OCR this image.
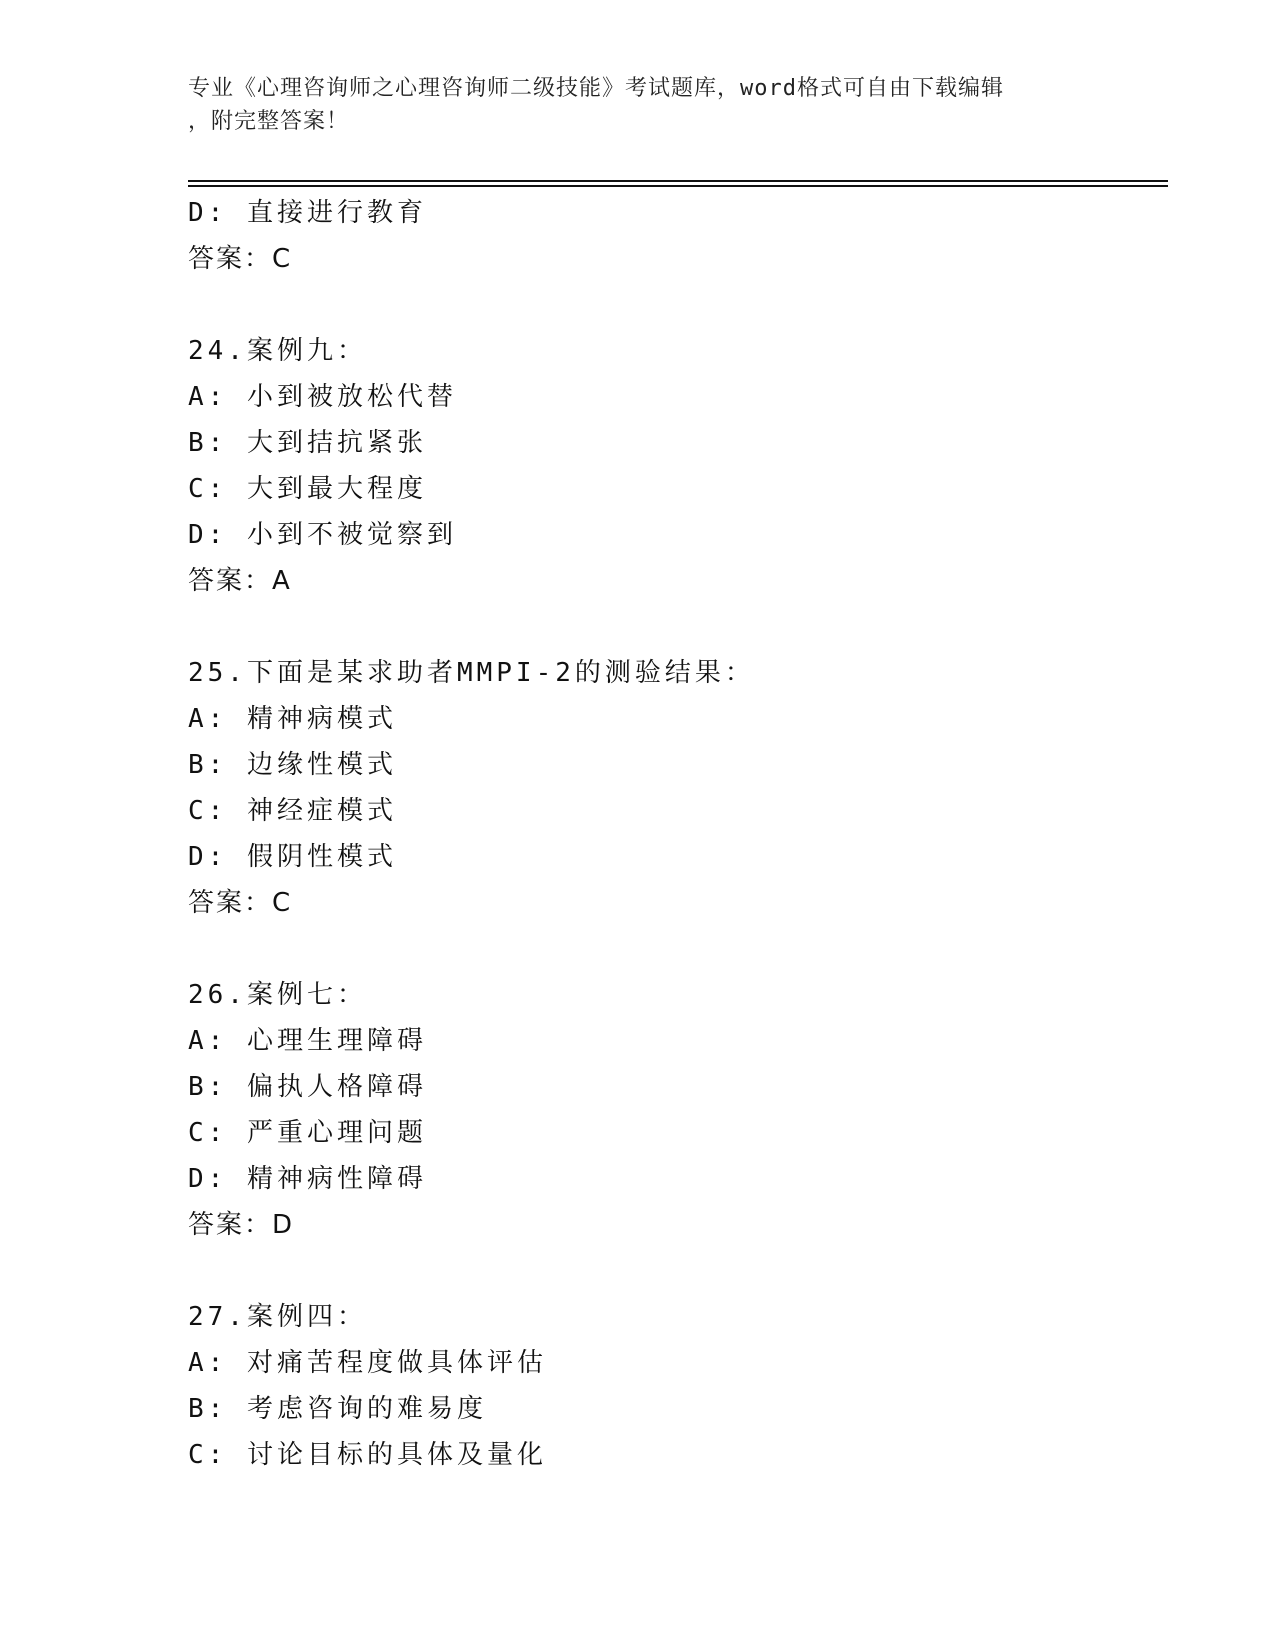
专业《心理咨询师之心理咨询师二级技能》考试题库，word格式可自由下载编辑
，附完整答案！
D: 直接进行教育
答案：C
24.案例九：
A: 小到被放松代替
B: 大到拮抗紧张
C: 大到最大程度
D: 小到不被觉察到
答案：A
25.下面是某求助者MMPI-2的测验结果：
A: 精神病模式
B: 边缘性模式
C: 神经症模式
D: 假阴性模式
答案：C
26.案例七：
A: 心理生理障碍
B: 偏执人格障碍
C: 严重心理问题
D: 精神病性障碍
答案：D
27.案例四：
A: 对痛苦程度做具体评估
B: 考虑咨询的难易度
C: 讨论目标的具体及量化
